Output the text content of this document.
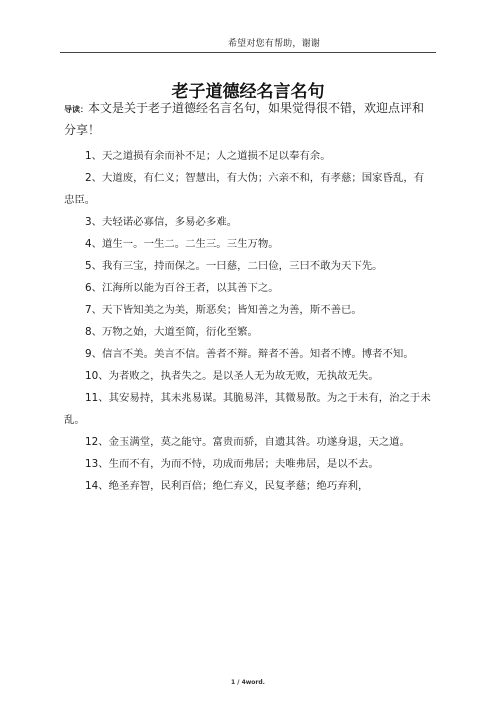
希望对您有帮助，谢谢
老子道德经名言名句

导读：本文是关于老子道德经名言名句，如果觉得很不错，欢迎点评和分享！

1、天之道损有余而补不足；人之道损不足以奉有余。
2、大道废，有仁义；智慧出，有大伪；六亲不和，有孝慈；国家昏乱，有忠臣。
3、夫轻诺必寡信，多易必多难。
4、道生一。一生二。二生三。三生万物。
5、我有三宝，持而保之。一曰慈，二曰俭，三曰不敢为天下先。
6、江海所以能为百谷王者，以其善下之。
7、天下皆知美之为美，斯恶矣；皆知善之为善，斯不善已。
8、万物之始，大道至简，衍化至繁。
9、信言不美。美言不信。善者不辩。辩者不善。知者不博。博者不知。
10、为者败之，执者失之。是以圣人无为故无败，无执故无失。
11、其安易持，其未兆易谋。其脆易泮，其微易散。为之于未有，治之于未乱。
12、金玉满堂，莫之能守。富贵而骄，自遗其咎。功遂身退，天之道。
13、生而不有，为而不恃，功成而弗居；夫唯弗居，是以不去。
14、绝圣弃智，民利百倍；绝仁弃义，民复孝慈；绝巧弃利，
1 / 4word.
